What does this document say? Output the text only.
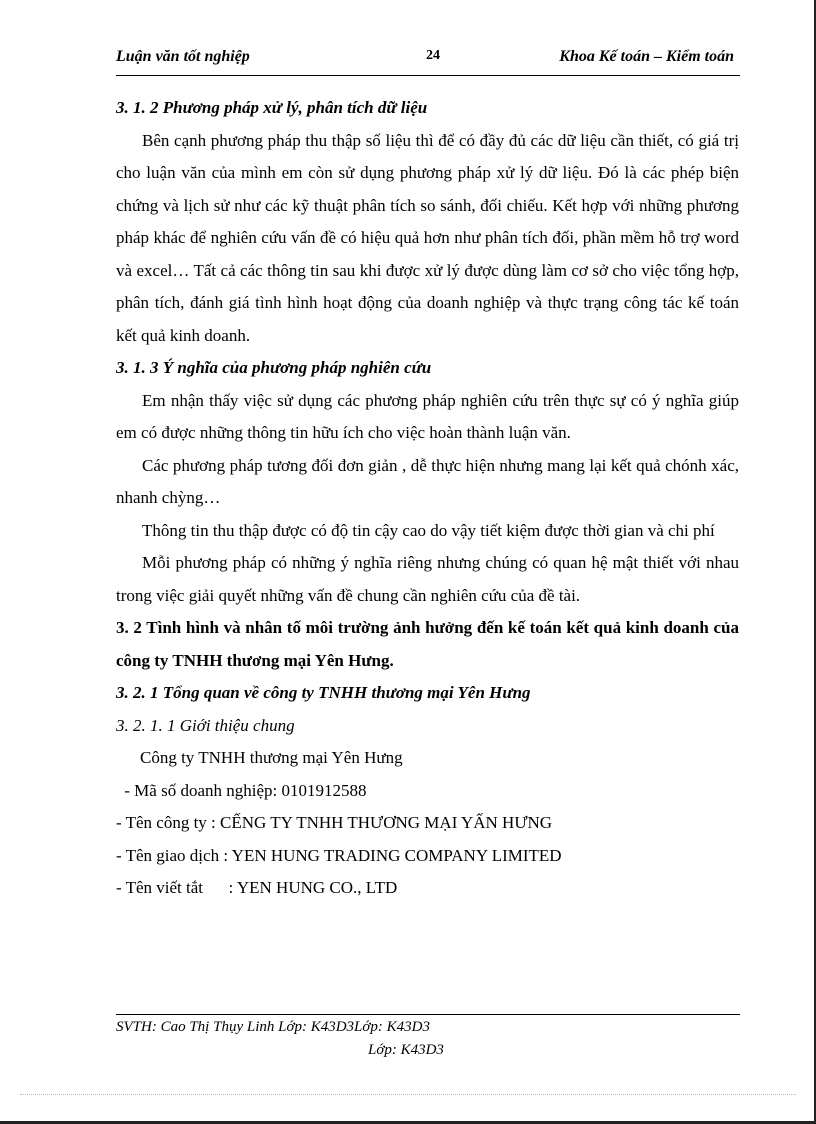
Luận văn tốt nghiệp	24	Khoa Kế toán – Kiểm toán

3. 1. 2 Phương pháp xử lý, phân tích dữ liệu

Bên cạnh phương pháp thu thập số liệu thì để có đầy đủ các dữ liệu cần thiết, có giá trị cho luận văn của mình em còn sử dụng phương pháp xử lý dữ liệu. Đó là các phép biện chứng và lịch sử như các kỹ thuật phân tích so sánh, đối chiếu. Kết hợp với những phương pháp khác để nghiên cứu vấn đề có hiệu quả hơn như phân tích đối, phần mềm hỗ trợ word và excel… Tất cả các thông tin sau khi được xử lý được dùng làm cơ sở cho việc tổng hợp, phân tích, đánh giá tình hình hoạt động của doanh nghiệp và thực trạng công tác kế toán kết quả kinh doanh.

3. 1. 3 Ý nghĩa của phương pháp nghiên cứu

Em nhận thấy việc sử dụng các phương pháp nghiên cứu trên thực sự có ý nghĩa giúp em có được những thông tin hữu ích cho việc hoàn thành luận văn.

Các phương pháp tương đối đơn giản , dễ thực hiện nhưng mang lại kết quả chónh xác, nhanh chỳng…

Thông tin thu thập được có độ tin cậy cao do vậy tiết kiệm được thời gian và chi phí

Mỗi phương pháp có những ý nghĩa riêng nhưng chúng có quan hệ mật thiết với nhau trong việc giải quyết những vấn đề chung cần nghiên cứu của đề tài.

3. 2 Tình hình và nhân tố môi trường ảnh hưởng đến kế toán kết quả kinh doanh của công ty TNHH thương mại Yên Hưng.

3. 2. 1 Tổng quan về công ty TNHH thương mại Yên Hưng

3. 2. 1. 1 Giới thiệu chung

Công ty TNHH thương mại Yên Hưng

- Mã số doanh nghiệp: 0101912588

- Tên công ty : CẾNG TY TNHH THƯƠNG MẠI YẤN HƯNG

- Tên giao dịch : YEN HUNG TRADING COMPANY LIMITED

- Tên viết tắt      : YEN HUNG CO., LTD

SVTH: Cao Thị Thụy Linh Lớp: K43D3Lớp: K43D3
Lớp: K43D3
